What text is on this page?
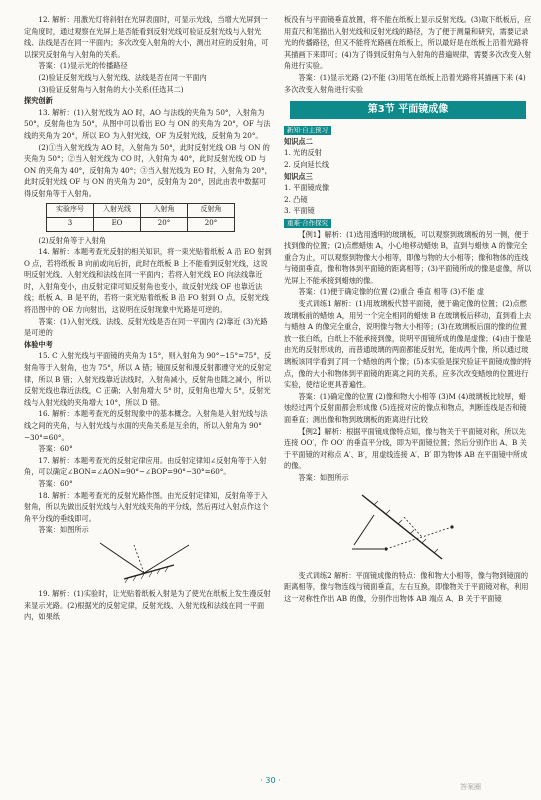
12. 解析：用激光灯将斜射在光屏表面时，可显示光线，当增大光屏到一定角度时，通过观察在光屏上是否能看到反射光线可验证反射光线与入射光线、法线是否在同一平面内；多次改变入射角的大小，测出对应的反射角，可以探究反射角与入射角的关系。

答案：(1)显示光的传播路径

(2)验证反射光线与入射光线、法线是否在同一平面内

(3)验证反射角与入射角的大小关系(任选其二)

探究创新

13. 解析：(1)入射光线为 AO 时，AO 与法线的夹角为 50°，入射角为 50°，反射角也为 50°，从图中可以看出 EO 与 ON 的夹角为 20°，OF 与法线的夹角为 20°，所以 EO 为入射光线，OF 为反射光线，反射角为 20°。

(2)①当入射光线为 AO 时，入射角为 50°，此时反射光线 OB 与 ON 的夹角为 50°；②当入射光线为 CO 时，入射角为 40°，此时反射光线 OD 与 ON 的夹角为 40°，反射角为 40°；③当入射光线为 EO 时，入射角为 20°，此时反射光线 OF 与 ON 的夹角为 20°，反射角为 20°，因此由表中数据可得反射角等于入射角。

实验序号	入射光线	入射角	反射角
3	EO	20°	20°

(2)反射角等于入射角

14. 解析：本题考查光反射的相关知识，将一束光贴着纸板 A 沿 EO 射到 O 点，若将纸板 B 向前或向后折，此时在纸板 B 上不能看到反射光线，这说明反射光线、入射光线和法线在同一平面内；若将入射光线 EO 向法线靠近时，入射角变小，由反射定律可知反射角也变小，故反射光线 OF 也靠近法线；纸板 A、B 是平的，若将一束光贴着纸板 B 沿 FO 射到 O 点，反射光线将沿图中的 OE 方向射出，这说明在反射现象中光路是可逆的。

答案：(1)入射光线、法线、反射光线是否在同一平面内 (2)靠近 (3)光路是可逆的

体验中考

15. C 入射光线与平面镜的夹角为 15°，则入射角为 90°−15°=75°，反射角等于入射角，也为 75°，所以 A 错；镜面反射和漫反射都遵守光的反射定律，所以 B 错；入射光线靠近法线时，入射角减小，反射角也随之减小，所以反射光线也靠近法线，C 正确；入射角增大 5° 时，反射角也增大 5°，反射光线与入射光线的夹角增大 10°，所以 D 错。

16. 解析：本题考查光的反射现象中的基本概念。入射角是入射光线与法线之间的夹角，与入射光线与水面的夹角关系是互余的，所以入射角为 90°−30°=60°。

答案：60°

17. 解析：本题考查光的反射定律应用。由反射定律知∠反射角等于入射角，可以确定∠BON=∠AON=90°−∠BOP=90°−30°=60°。

答案：60°

18. 解析：本题考查光的反射光路作图。由光反射定律知，反射角等于入射角，所以先做出反射光线与入射光线夹角的平分线，然后再过入射点作这个角平分线的垂线即可。

答案：如图所示

19. 解析：(1)实验时，让光贴着纸板入射是为了使光在纸板上发生漫反射来显示光路。(2)根据光的反射定律，反射光线、入射光线和法线在同一平面内，如果纸

板没有与平面镜垂直放置，将不能在纸板上显示反射光线。(3)取下纸板后，应用直尺和笔描出入射光线和反射光线的路径，为了便于测量和研究，需要记录光的传播路径，但又不能将光路画在纸板上，所以最好是在纸板上沿着光路将其描画下来即可；(4)为了得到反射角与入射角的普遍规律，需要多次改变入射角进行实验。

答案：(1)显示光路 (2)不能 (3)用笔在纸板上沿着光路将其描画下来 (4)多次改变入射角进行实验

第3节 平面镜成像

新知·自主预习

知识点二

1. 光的反射

2. 反向延长线

知识点三

1. 平面镜成像

2. 凸镜

3. 平面镜

重难·合作探究

【例1】解析：(1)选用透明的玻璃板，可以观察到玻璃板的另一侧，便于找到像的位置；(2)点燃蜡烛 A，小心地移动蜡烛 B，直到与蜡烛 A 的像完全重合为止，可以观察到物像大小相等，即像与物的大小相等；像和物体的连线与镜面垂直，像和物体到平面镜的距离相等；(3)平面镜所成的像是虚像，所以光屏上不能承接到蜡烛的像。

答案：(1)便于确定像的位置 (2)重合 垂直 相等 (3)不能 虚

变式训练1 解析：(1)用玻璃板代替平面镜，便于确定像的位置；(2)点燃玻璃板前的蜡烛 A，用另一个完全相同的蜡烛 B 在玻璃板后移动，直到看上去与蜡烛 A 的像完全重合，说明像与物大小相等；(3)在玻璃板后面的像的位置放一张白纸，白纸上不能承接到像，说明平面镜所成的像是虚像；(4)由于像是由光的反射形成的，而普通玻璃的两面都能反射光，能成两个像，所以通过玻璃板该同学看到了同一个蜡烛的两个像；(5)本实验是探究验证平面镜成像的特点，像的大小和物体到平面镜的距离之间的关系，应多次改变蜡烛的位置进行实验，使结论更具普遍性。

答案：(1)确定像的位置 (2)像和物大小相等 (3)M (4)玻璃板比较厚，蜡烛经过两个反射面都会形成像 (5)连接对应的像点和物点，判断连线是否和镜面垂直；测出像和物到玻璃板的距离进行比较

【例2】解析：根据平面镜成像特点知，像与物关于平面镜对称，所以先连接 OO′，作 OO′ 的垂直平分线，即为平面镜位置；然后分别作出 A、B 关于平面镜的对称点 A′、B′，用虚线连接 A′、B′ 即为物体 AB 在平面镜中所成的像。

答案：如图所示

变式训练2 解析：平面镜成像的特点：像和物大小相等，像与物到镜面的距离相等，像与物连线与镜面垂直，左右互换，即像物关于平面镜对称，利用这一对称性作出 AB 的像，分别作出物体 AB 端点 A、B 关于平面镜

· 30 ·
答案圈
